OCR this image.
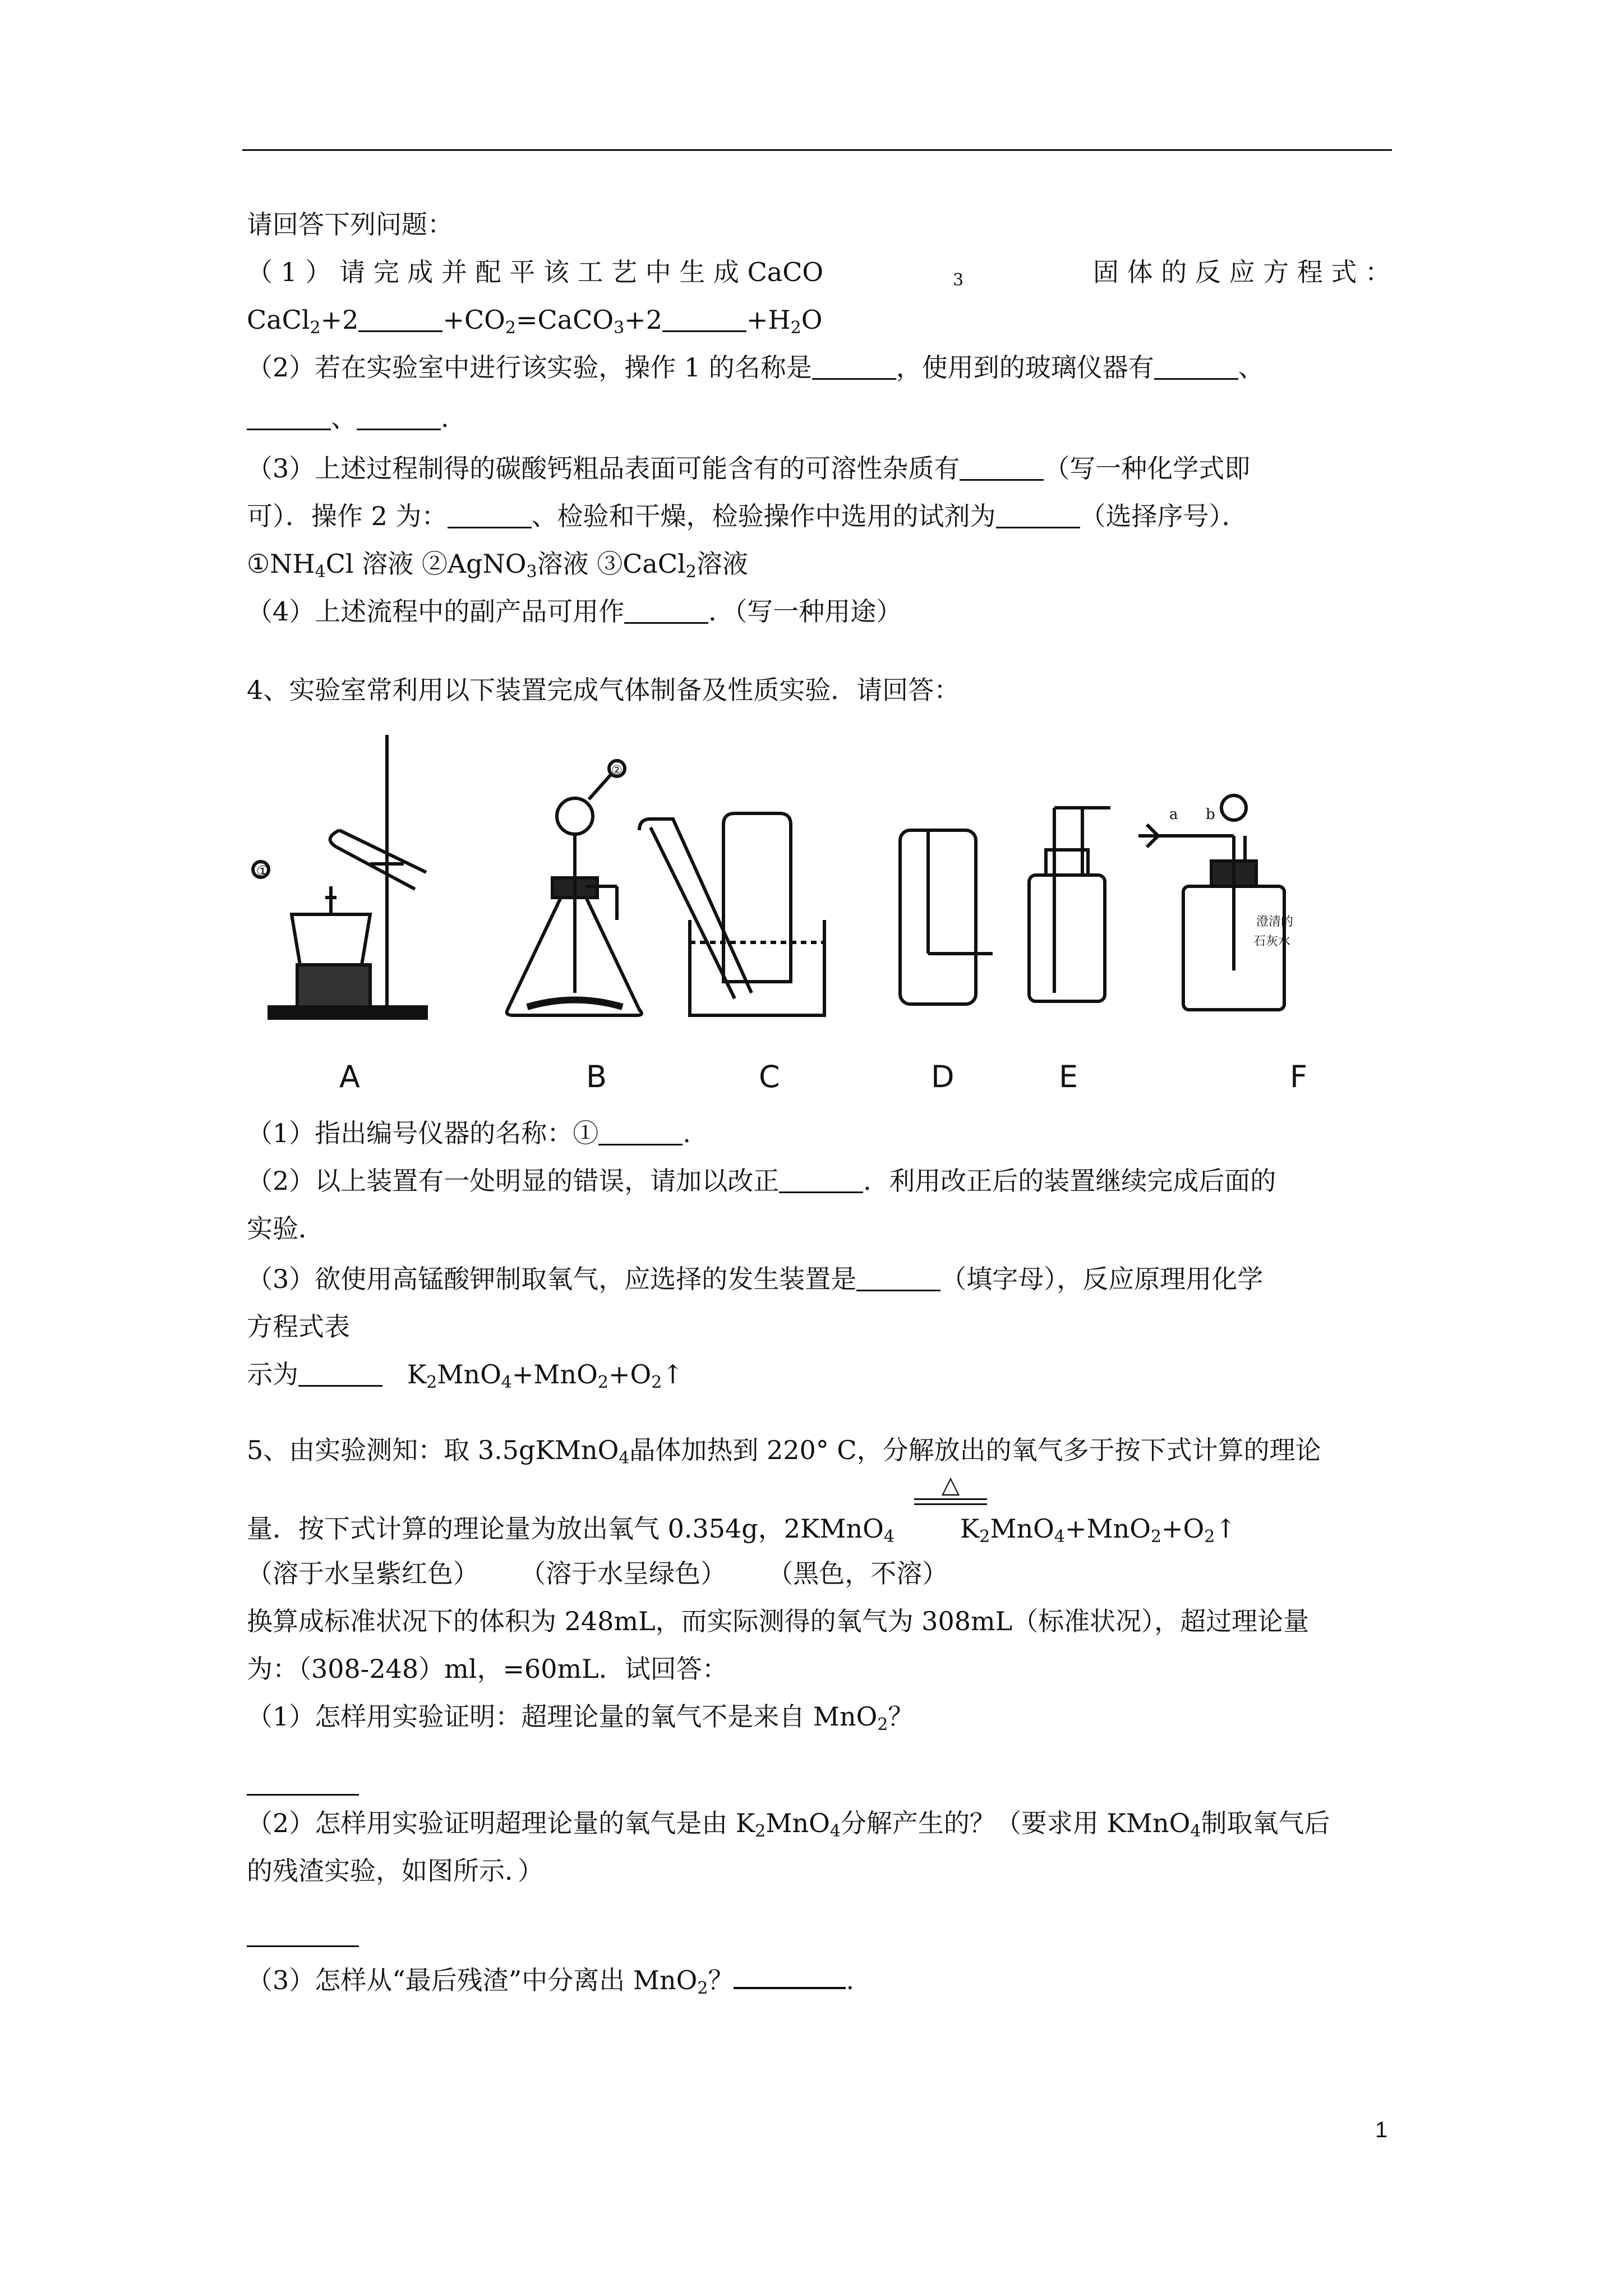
请回答下列问题：

（ 1 ） 请 完 成 并 配 平 该 工 艺 中 生 成 CaCO	$_3$	固 体 的 反 应 方 程 式 ：

CaCl$_2$+2	$+CO_2=CaCO_3+2$	$+H_2O$

（2）若在实验室中进行该实验，操作 1 的名称是	，使用到的玻璃仪器有	、

、	.

（3）上述过程制得的碳酸钙粗品表面可能含有的可溶性杂质有	（写一种化学式即

可）．操作 2 为：	、检验和干燥，检验操作中选用的试剂为	（选择序号）．

$①NH_4Cl$ 溶液 ②AgNO$_3$溶液 ③CaCl$_2$溶液

（4）上述流程中的副产品可用作	．（写一种用途）

4、实验室常利用以下装置完成气体制备及性质实验．请回答：

①
②
a b
澄清的
石灰水
A	B	C	D	E	F

（1）指出编号仪器的名称：①	.

（2）以上装置有一处明显的错误，请加以改正	．利用改正后的装置继续完成后面的

实验．

（3）欲使用高锰酸钾制取氧气，应选择的发生装置是	（填字母），反应原理用化学

方程式表

示为	$K_2MnO_4+MnO_2+O_2↑$

5、由实验测知：取 3.5gKMnO$_4$晶体加热到 220° C，分解放出的氧气多于按下式计算的理论

△

量．按下式计算的理论量为放出氧气 0.354g，2KMnO$_4$	$K_2MnO_4+MnO_2+O_2↑$

（溶于水呈紫红色） （溶于水呈绿色） （黑色，不溶）

换算成标准状况下的体积为 248mL，而实际测得的氧气为 308mL（标准状况），超过理论量

为：（308-248）ml，=60mL．试回答：

（1）怎样用实验证明：超理论量的氧气不是来自 MnO$_2$？

（2）怎样用实验证明超理论量的氧气是由 $K_2MnO_4$分解产生的？（要求用 KMnO$_4$制取氧气后

的残渣实验，如图所示．）

（3）怎样从“最后残渣”中分离出 MnO$_2$？	.

1
